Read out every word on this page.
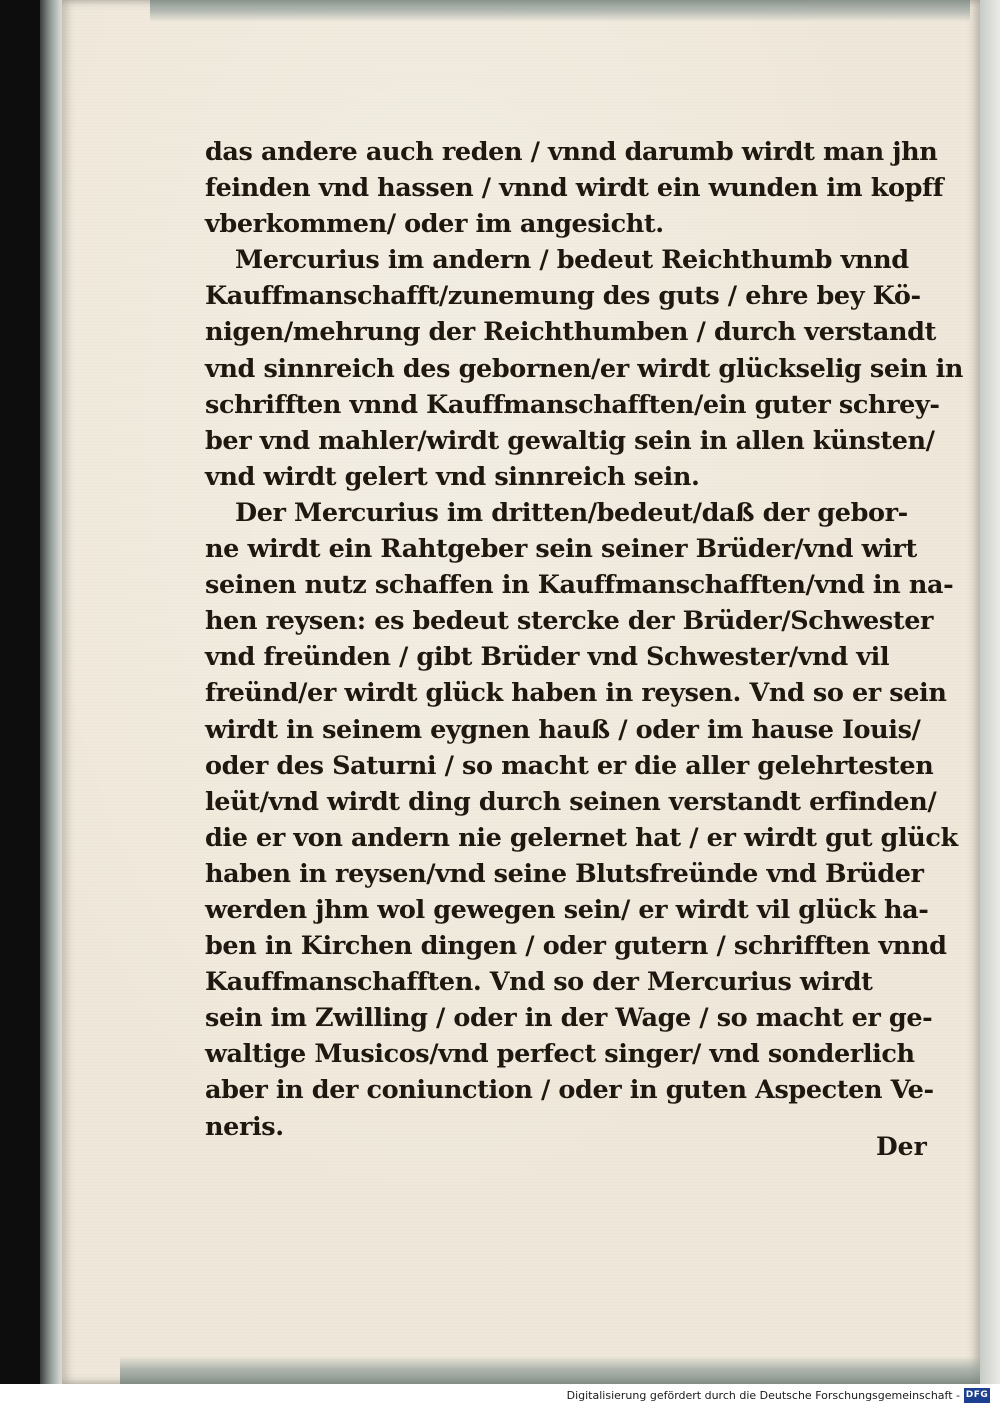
das andere auch reden / vnnd darumb wirdt man jhn
feinden vnd hassen / vnnd wirdt ein wunden im kopff
vberkommen/ oder im angesicht.
Mercurius im andern / bedeut Reichthumb vnnd
Kauffmanschafft/zunemung des guts / ehre bey Kö-
nigen/mehrung der Reichthumben / durch verstandt
vnd sinnreich des gebornen/er wirdt glückselig sein in
schrifften vnnd Kauffmanschafften/ein guter schrey-
ber vnd mahler/wirdt gewaltig sein in allen künsten/
vnd wirdt gelert vnd sinnreich sein.
Der Mercurius im dritten/bedeut/daß der gebor-
ne wirdt ein Rahtgeber sein seiner Brüder/vnd wirt
seinen nutz schaffen in Kauffmanschafften/vnd in na-
hen reysen: es bedeut stercke der Brüder/Schwester
vnd freünden / gibt Brüder vnd Schwester/vnd vil
freünd/er wirdt glück haben in reysen. Vnd so er sein
wirdt in seinem eygnen hauß / oder im hause Iouis/
oder des Saturni / so macht er die aller gelehrtesten
leüt/vnd wirdt ding durch seinen verstandt erfinden/
die er von andern nie gelernet hat / er wirdt gut glück
haben in reysen/vnd seine Blutsfreünde vnd Brüder
werden jhm wol gewegen sein/ er wirdt vil glück ha-
ben in Kirchen dingen / oder gutern / schrifften vnnd
Kauffmanschafften. Vnd so der Mercurius wirdt
sein im Zwilling / oder in der Wage / so macht er ge-
waltige Musicos/vnd perfect singer/ vnd sonderlich
aber in der coniunction / oder in guten Aspecten Ve-
neris.
Der
Digitalisierung gefördert durch die Deutsche Forschungsgemeinschaft - DFG
